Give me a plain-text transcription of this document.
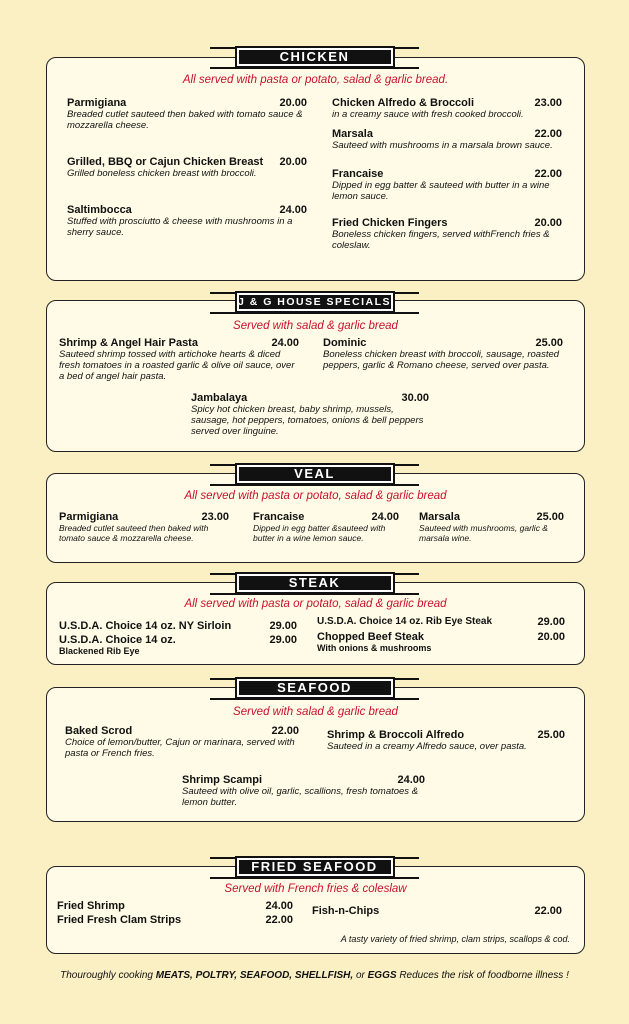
All served with pasta or potato, salad & garlic bread.
Parmigiana	20.00
Breaded cutlet sauteed then baked with tomato sauce & mozzarella cheese.
Grilled, BBQ or Cajun Chicken Breast 20.00
Grilled boneless chicken breast with broccoli.
Saltimbocca	24.00
Stuffed with prosciutto & cheese with mushrooms in a sherry sauce.
Chicken Alfredo & Broccoli	23.00
in a creamy sauce with fresh cooked broccoli.
Marsala	22.00
Sauteed with mushrooms in a marsala brown sauce.
Francaise	22.00
Dipped in egg batter & sauteed with butter in a wine lemon sauce.
Fried Chicken Fingers	20.00
Boneless chicken fingers, served withFrench fries & coleslaw.
CHICKEN
Served with salad & garlic bread
Shrimp & Angel Hair Pasta	24.00
Sauteed shrimp tossed with artichoke hearts & diced fresh tomatoes in a roasted garlic & olive oil sauce, over a bed of angel hair pasta.
Dominic	25.00
Boneless chicken breast with broccoli, sausage, roasted peppers, garlic & Romano cheese, served over pasta.
Jambalaya	30.00
Spicy hot chicken breast, baby shrimp, mussels, sausage, hot peppers, tomatoes, onions & bell peppers served over linguine.
J & G HOUSE SPECIALS
All served with pasta or potato, salad & garlic bread
Parmigiana	23.00
Breaded cutlet sauteed then baked with tomato sauce & mozzarella cheese.
Francaise	24.00
Dipped in egg batter &sauteed with butter in a wine lemon sauce.
Marsala	25.00
Sauteed with mushrooms, garlic & marsala wine.
VEAL
All served with pasta or potato, salad & garlic bread
U.S.D.A. Choice 14 oz. NY Sirloin	29.00
U.S.D.A. Choice 14 oz.	29.00
Blackened Rib Eye
U.S.D.A. Choice 14 oz. Rib Eye Steak	29.00
Chopped Beef Steak	20.00
With onions & mushrooms
STEAK
Served with salad & garlic bread
Baked Scrod	22.00
Choice of lemon/butter, Cajun or marinara, served with pasta or French fries.
Shrimp & Broccoli Alfredo	25.00
Sauteed in a creamy Alfredo sauce, over pasta.
Shrimp Scampi	24.00
Sauteed with olive oil, garlic, scallions, fresh tomatoes & lemon butter.
SEAFOOD
Served with French fries & coleslaw
Fried Shrimp	24.00
Fried Fresh Clam Strips	22.00
Fish-n-Chips	22.00
A tasty variety of fried shrimp, clam strips, scallops & cod.
FRIED SEAFOOD
Thouroughly cooking MEATS, POLTRY, SEAFOOD, SHELLFISH, or EGGS Reduces the risk of foodborne illness !
